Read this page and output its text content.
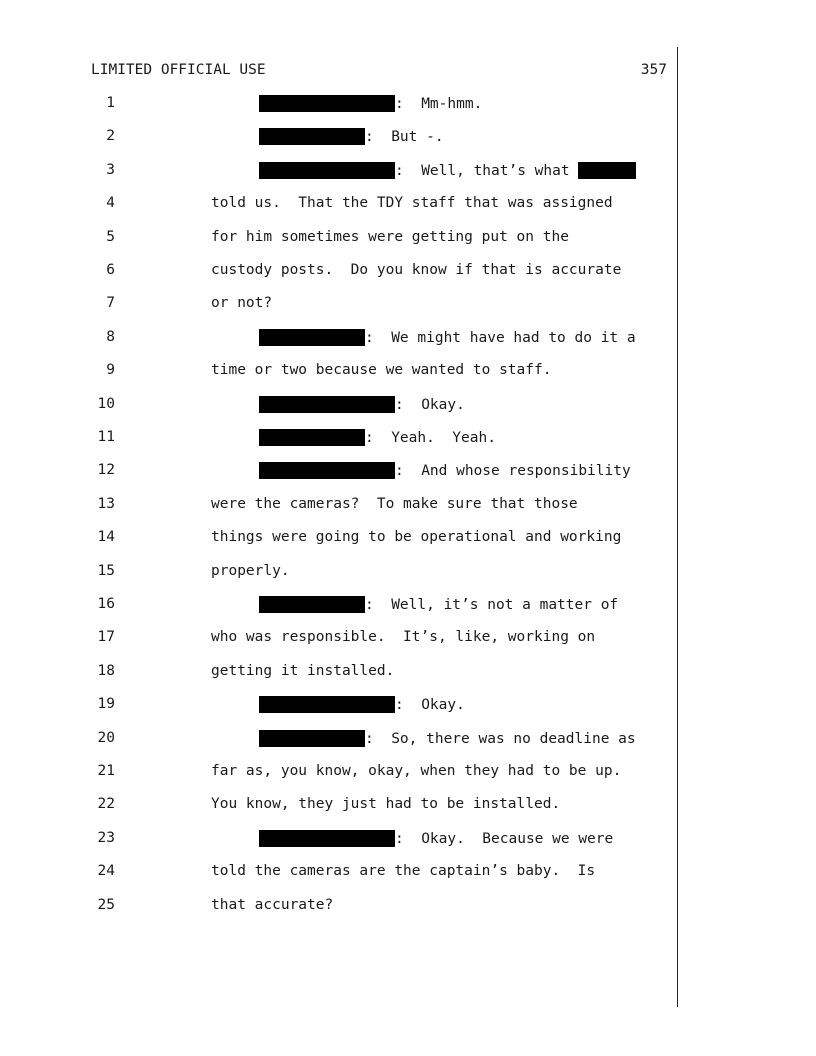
LIMITED OFFICIAL USE	357
1	:  Mm-hmm.
2	:  But -.
3	:  Well, that’s what
4	told us.  That the TDY staff that was assigned
5	for him sometimes were getting put on the
6	custody posts.  Do you know if that is accurate
7	or not?
8	:  We might have had to do it a
9	time or two because we wanted to staff.
10	:  Okay.
11	:  Yeah.  Yeah.
12	:  And whose responsibility
13	were the cameras?  To make sure that those
14	things were going to be operational and working
15	properly.
16	:  Well, it’s not a matter of
17	who was responsible.  It’s, like, working on
18	getting it installed.
19	:  Okay.
20	:  So, there was no deadline as
21	far as, you know, okay, when they had to be up.
22	You know, they just had to be installed.
23	:  Okay.  Because we were
24	told the cameras are the captain’s baby.  Is
25	that accurate?
